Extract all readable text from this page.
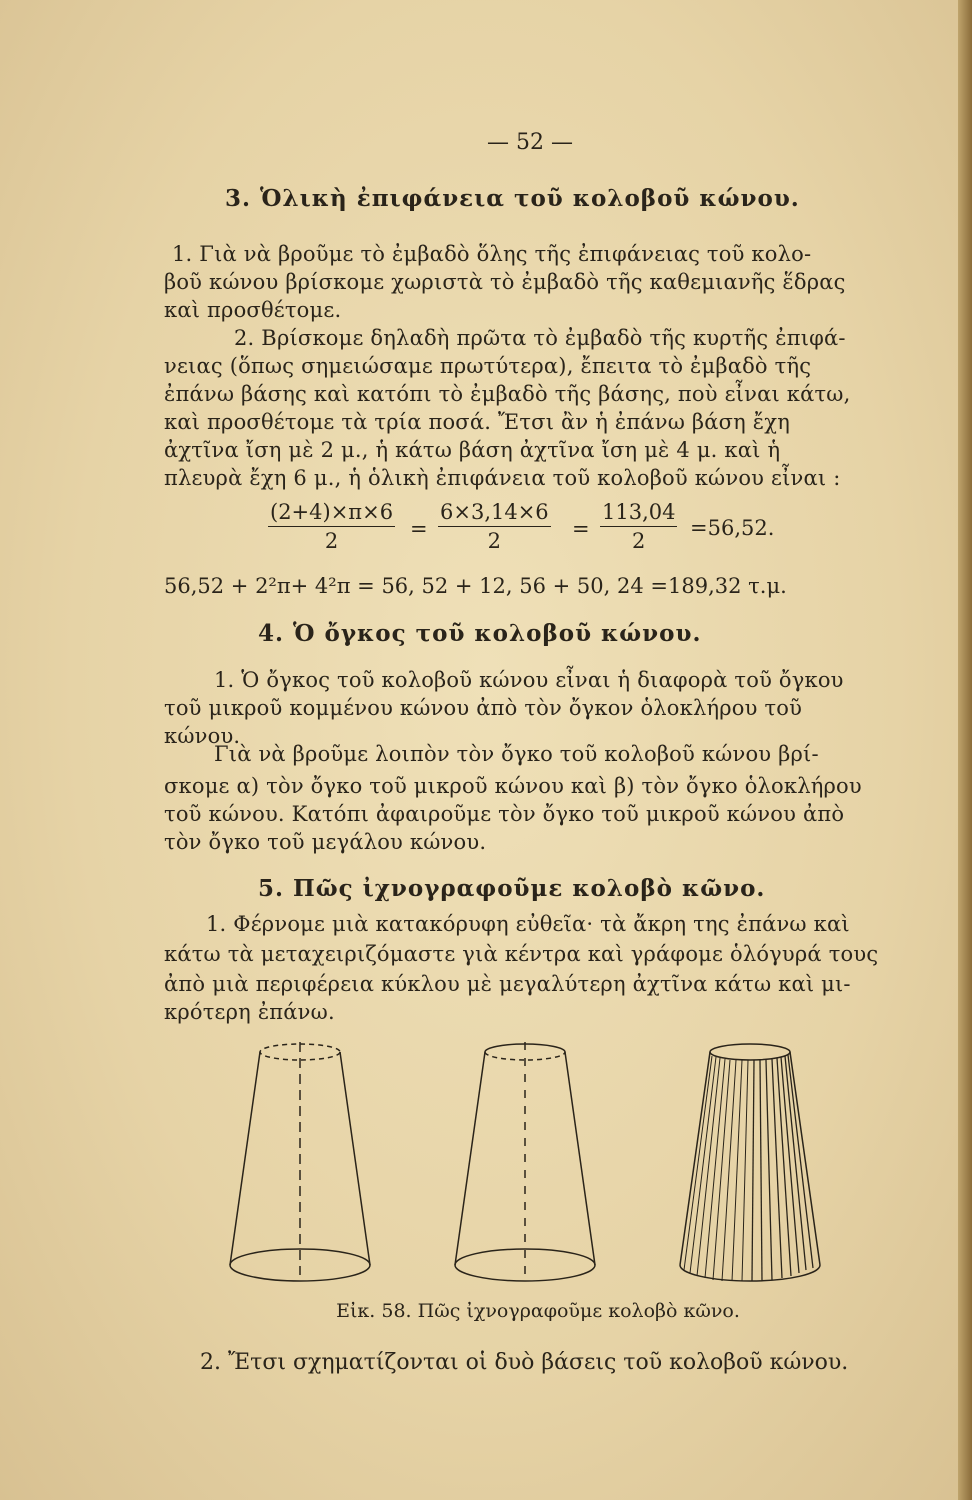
— 52 —
3. Ὁλικὴ ἐπιφάνεια τοῦ κολοβοῦ κώνου.
1. Γιὰ νὰ βροῦμε τὸ ἐμβαδὸ ὅλης τῆς ἐπιφάνειας τοῦ κολο-
βοῦ κώνου βρίσκομε χωριστὰ τὸ ἐμβαδὸ τῆς καθεμιανῆς ἕδρας
καὶ προσθέτομε.
2. Βρίσκομε δηλαδὴ πρῶτα τὸ ἐμβαδὸ τῆς κυρτῆς ἐπιφά-
νειας (ὅπως σημειώσαμε πρωτύτερα), ἔπειτα τὸ ἐμβαδὸ τῆς
ἐπάνω βάσης καὶ κατόπι τὸ ἐμβαδὸ τῆς βάσης, ποὺ εἶναι κάτω,
καὶ προσθέτομε τὰ τρία ποσά. Ἔτσι ἂν ἡ ἐπάνω βάση ἔχη
ἀχτῖνα ἴση μὲ 2 μ., ἡ κάτω βάση ἀχτῖνα ἴση μὲ 4 μ. καὶ ἡ
πλευρὰ ἔχη 6 μ., ἡ ὁλικὴ ἐπιφάνεια τοῦ κολοβοῦ κώνου εἶναι :
$\frac{(2+4)\times\pi\times 6}{2} = \frac{6\times 3,14\times 6}{2} = \frac{113,04}{2} =56,52$.
56,52 + 2²π+ 4²π = 56, 52 + 12, 56 + 50, 24 =189,32 τ.μ.
4. Ὁ ὄγκος τοῦ κολοβοῦ κώνου.
1. Ὁ ὄγκος τοῦ κολοβοῦ κώνου εἶναι ἡ διαφορὰ τοῦ ὄγκου
τοῦ μικροῦ κομμένου κώνου ἀπὸ τὸν ὄγκον ὁλοκλήρου τοῦ
κώνου.
Γιὰ νὰ βροῦμε λοιπὸν τὸν ὄγκο τοῦ κολοβοῦ κώνου βρί-
σκομε α) τὸν ὄγκο τοῦ μικροῦ κώνου καὶ β) τὸν ὄγκο ὁλοκλήρου
τοῦ κώνου. Κατόπι ἀφαιροῦμε τὸν ὄγκο τοῦ μικροῦ κώνου ἀπὸ
τὸν ὄγκο τοῦ μεγάλου κώνου.
5. Πῶς ἰχνογραφοῦμε κολοβὸ κῶνο.
1. Φέρνομε μιὰ κατακόρυφη εὐθεῖα· τὰ ἄκρη της ἐπάνω καὶ
κάτω τὰ μεταχειριζόμαστε γιὰ κέντρα καὶ γράφομε ὁλόγυρά τους
ἀπὸ μιὰ περιφέρεια κύκλου μὲ μεγαλύτερη ἀχτῖνα κάτω καὶ μι-
κρότερη ἐπάνω.
Εἰκ. 58. Πῶς ἰχνογραφοῦμε κολοβὸ κῶνο.
2. Ἔτσι σχηματίζονται οἱ δυὸ βάσεις τοῦ κολοβοῦ κώνου.
